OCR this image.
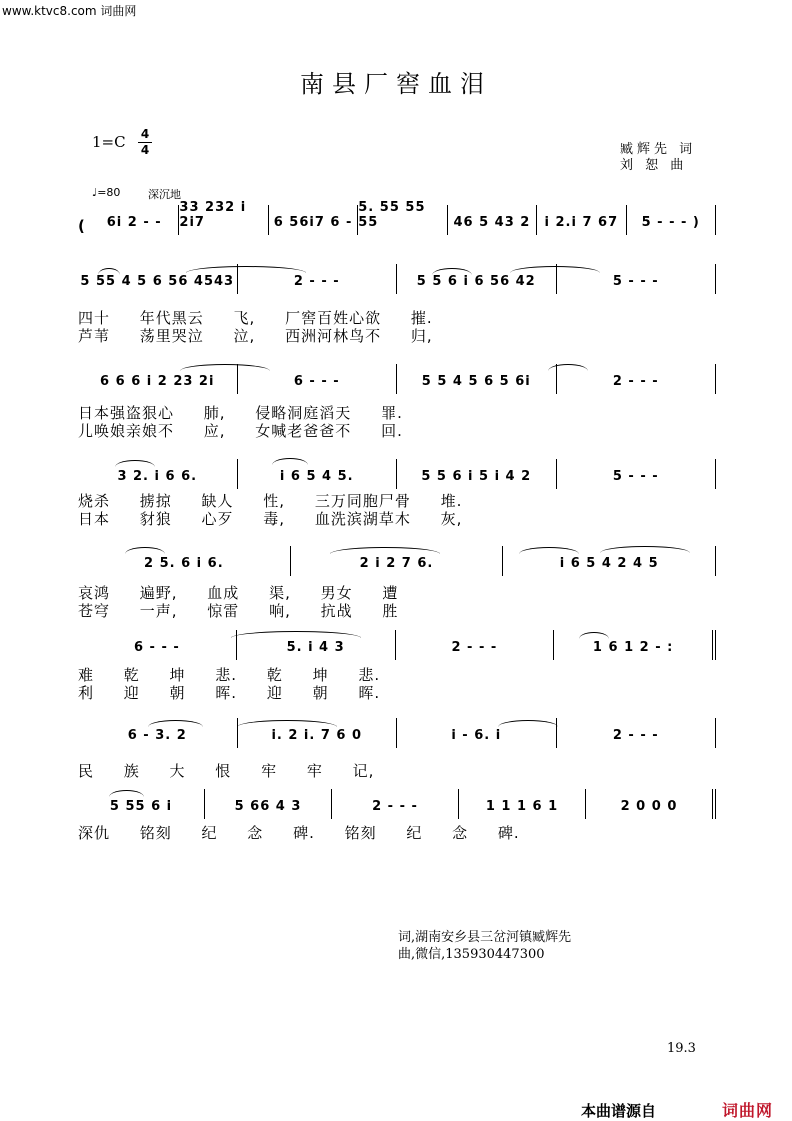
www.ktvc8.com 词曲网
南县厂窖血泪
1=C 4
4	臧辉先 词
刘 恕 曲
♩=80	深沉地
(	6i 2 - -
33 232 i 2i7	6 56i7 6 -
5. 55 55 55	46 5 43 2	i 2.i 7 67	5 - - - )
5 55 4 5 6 56 4543	2 - - -	5 5 6 i 6 56 42	5 - - -
6 6 6 i 2 23 2i	6 - - -	5 5 4 5 6 5 6i	2 - - -
3 2. i 6 6.	i 6 5 4 5.	5 5 6 i 5 i 4 2	5 - - -
2 5. 6 i 6.	2 i 2 7 6.	i 6 5 4 2 4 5
6 - - -	5. i 4 3	2 - - -	1 6 1 2 - :
6 - 3. 2	i. 2 i. 7 6 0	i - 6. i	2 - - -
5 55 6 i	5 66 4 3	2 - - -	1 1 1 6 1	2 0 0 0
四十 年代黑云 飞, 厂窖百姓心欲 摧.
芦苇 荡里哭泣 泣, 西洲河林鸟不 归,
日本强盗狠心 肺, 侵略洞庭滔天 罪.
儿唤娘亲娘不 应, 女喊老爸爸不 回.
烧杀 掳掠 缺人 性, 三万同胞尸骨 堆.
日本 豺狼 心歹 毒, 血洗滨湖草木 灰,
哀鸿 遍野, 血成 渠, 男女 遭
苍穹 一声, 惊雷 响, 抗战 胜
难 乾 坤 悲. 乾 坤 悲.
利 迎 朝 晖. 迎 朝 晖.
民 族 大 恨 牢 牢 记,
深仇 铭刻 纪 念 碑. 铭刻 纪 念 碑.
词,湖南安乡县三岔河镇臧辉先
曲,微信,135930447300
19.3
本曲谱源自	词曲网
